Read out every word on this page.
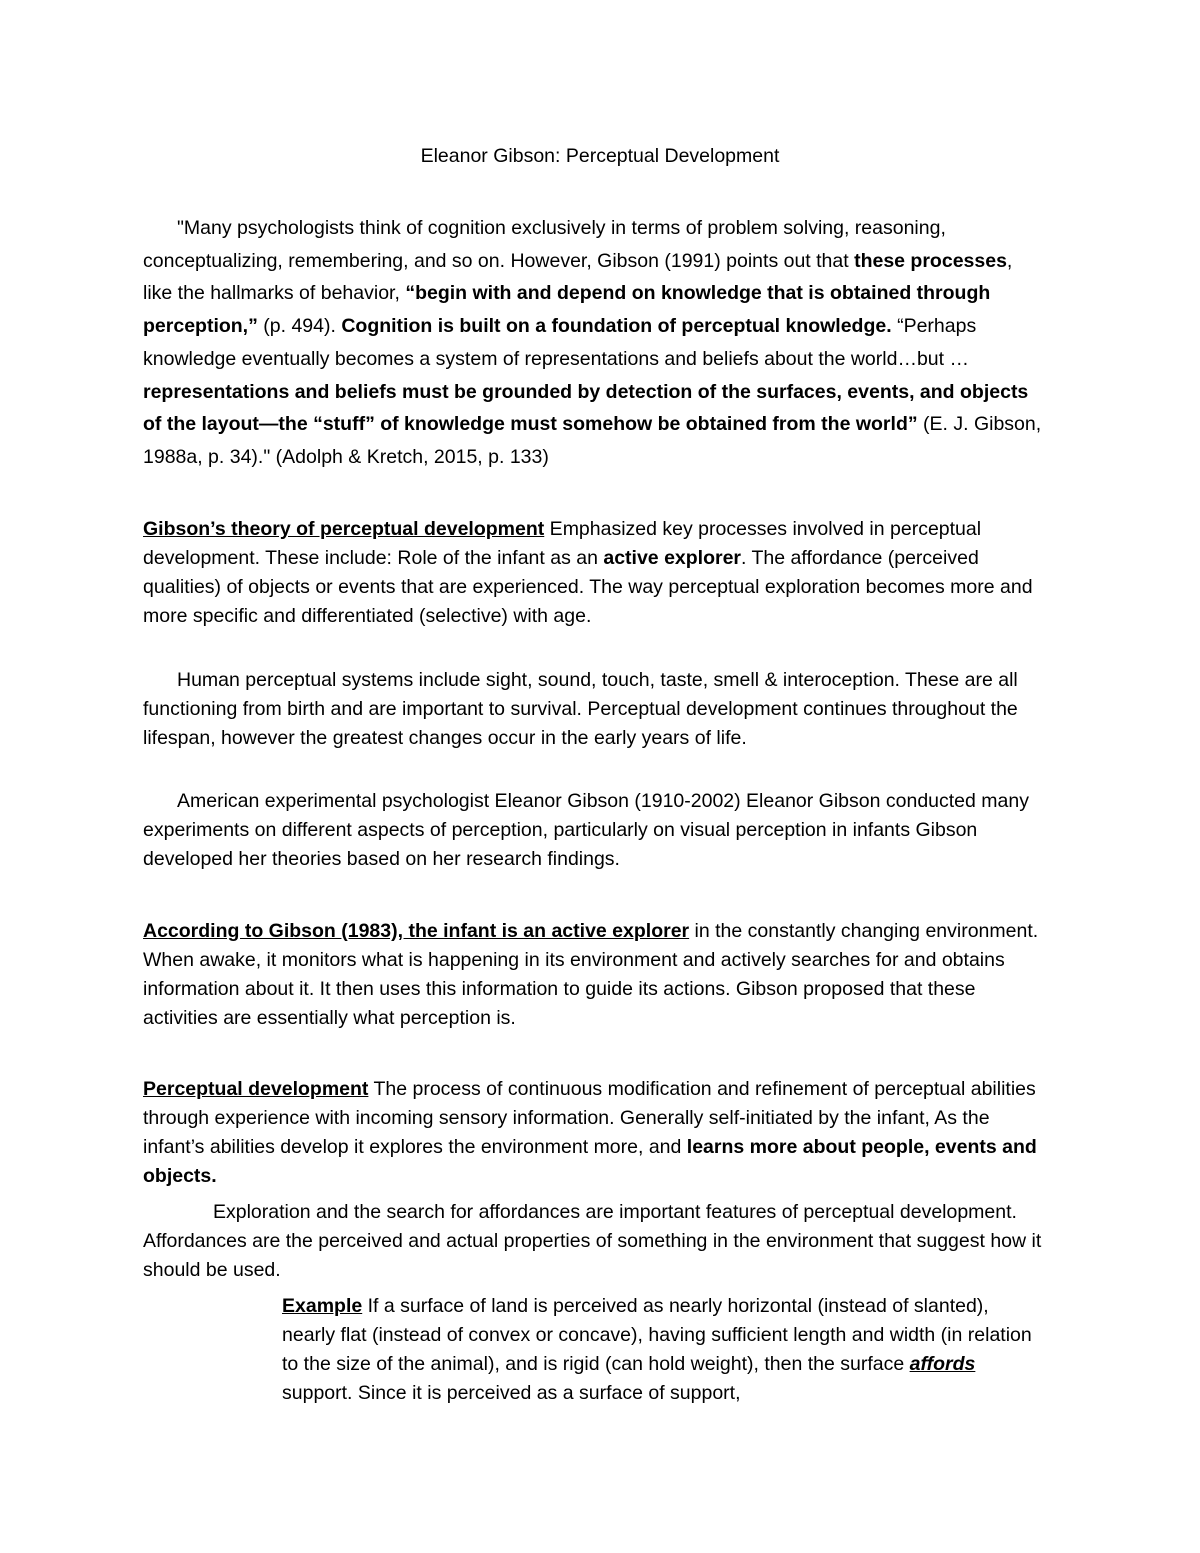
Eleanor Gibson: Perceptual Development
"Many psychologists think of cognition exclusively in terms of problem solving, reasoning, conceptualizing, remembering, and so on. However, Gibson (1991) points out that these processes, like the hallmarks of behavior, “begin with and depend on knowledge that is obtained through perception,” (p. 494). Cognition is built on a foundation of perceptual knowledge. “Perhaps knowledge eventually becomes a system of representations and beliefs about the world…but … representations and beliefs must be grounded by detection of the surfaces, events, and objects of the layout—the “stuff” of knowledge must somehow be obtained from the world” (E. J. Gibson, 1988a, p. 34)." (Adolph & Kretch, 2015, p. 133)
Gibson’s theory of perceptual development Emphasized key processes involved in perceptual development. These include: Role of the infant as an active explorer. The affordance (perceived qualities) of objects or events that are experienced. The way perceptual exploration becomes more and more specific and differentiated (selective) with age.
Human perceptual systems include sight, sound, touch, taste, smell & interoception. These are all functioning from birth and are important to survival. Perceptual development continues throughout the lifespan, however the greatest changes occur in the early years of life.
American experimental psychologist Eleanor Gibson (1910-2002) Eleanor Gibson conducted many experiments on different aspects of perception, particularly on visual perception in infants Gibson developed her theories based on her research findings.
According to Gibson (1983), the infant is an active explorer in the constantly changing environment. When awake, it monitors what is happening in its environment and actively searches for and obtains information about it. It then uses this information to guide its actions. Gibson proposed that these activities are essentially what perception is.
Perceptual development The process of continuous modification and refinement of perceptual abilities through experience with incoming sensory information. Generally self-initiated by the infant, As the infant’s abilities develop it explores the environment more, and learns more about people, events and objects.
Exploration and the search for affordances are important features of perceptual development. Affordances are the perceived and actual properties of something in the environment that suggest how it should be used.
Example If a surface of land is perceived as nearly horizontal (instead of slanted), nearly flat (instead of convex or concave), having sufficient length and width (in relation to the size of the animal), and is rigid (can hold weight), then the surface affords support. Since it is perceived as a surface of support,
